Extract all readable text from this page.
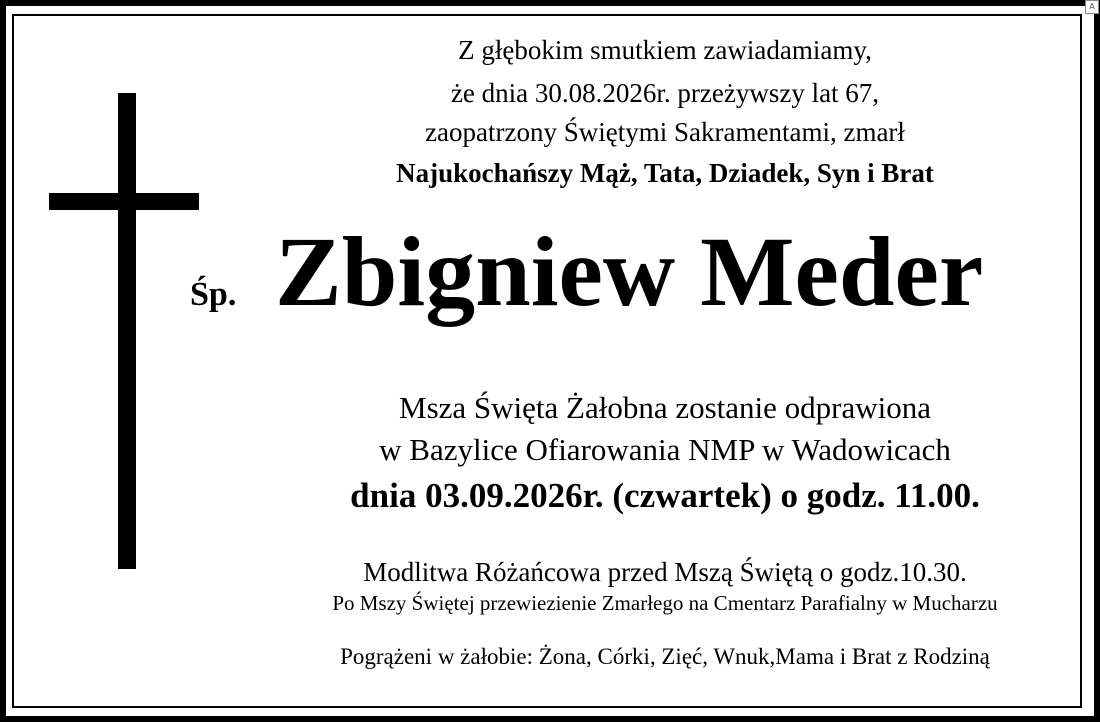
Z głębokim smutkiem zawiadamiamy,
że dnia 30.08.2026r. przeżywszy lat 67,
zaopatrzony Świętymi Sakramentami, zmarł
Najukochańszy Mąż, Tata, Dziadek, Syn i Brat
Śp. Zbigniew Meder
Msza Święta Żałobna zostanie odprawiona
w Bazylice Ofiarowania NMP w Wadowicach
dnia 03.09.2026r. (czwartek) o godz. 11.00.
Modlitwa Różańcowa przed Mszą Świętą o godz.10.30.
Po Mszy Świętej przewiezienie Zmarłego na Cmentarz Parafialny w Mucharzu
Pogrążeni w żałobie: Żona, Córki, Zięć, Wnuk,Mama i Brat z Rodziną
A
